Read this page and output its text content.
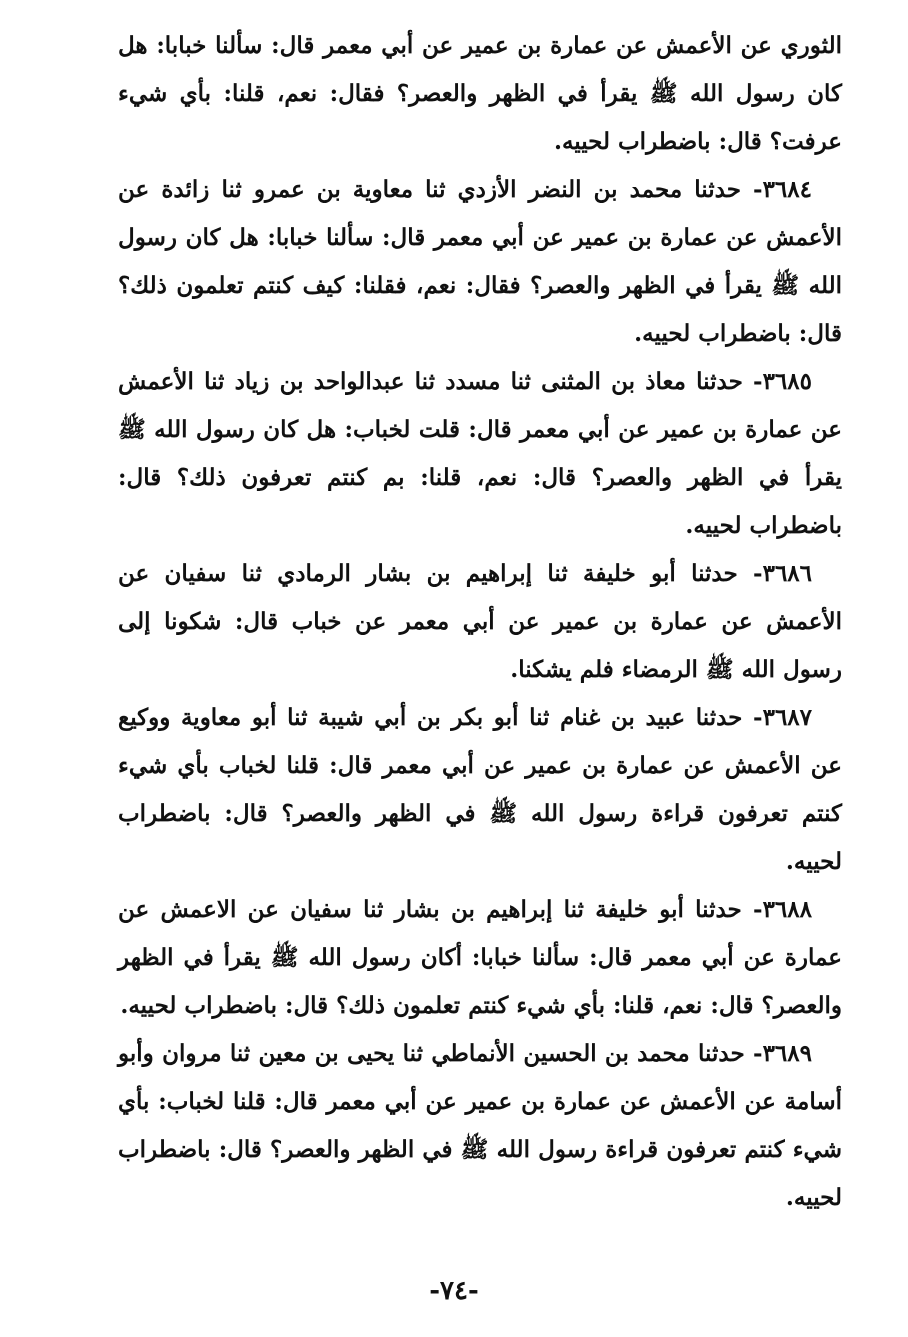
الثوري عن الأعمش عن عمارة بن عمير عن أبي معمر قال: سألنا خبابا: هل كان رسول الله ﷺ يقرأ في الظهر والعصر؟ فقال: نعم، قلنا: بأي شيء عرفت؟ قال: باضطراب لحييه.

٣٦٨٤- حدثنا محمد بن النضر الأزدي ثنا معاوية بن عمرو ثنا زائدة عن الأعمش عن عمارة بن عمير عن أبي معمر قال: سألنا خبابا: هل كان رسول الله ﷺ يقرأ في الظهر والعصر؟ فقال: نعم، فقلنا: كيف كنتم تعلمون ذلك؟ قال: باضطراب لحييه.

٣٦٨٥- حدثنا معاذ بن المثنى ثنا مسدد ثنا عبدالواحد بن زياد ثنا الأعمش عن عمارة بن عمير عن أبي معمر قال: قلت لخباب: هل كان رسول الله ﷺ يقرأ في الظهر والعصر؟ قال: نعم، قلنا: بم كنتم تعرفون ذلك؟ قال: باضطراب لحييه.

٣٦٨٦- حدثنا أبو خليفة ثنا إبراهيم بن بشار الرمادي ثنا سفيان عن الأعمش عن عمارة بن عمير عن أبي معمر عن خباب قال: شكونا إلى رسول الله ﷺ الرمضاء فلم يشكنا.

٣٦٨٧- حدثنا عبيد بن غنام ثنا أبو بكر بن أبي شيبة ثنا أبو معاوية ووكيع عن الأعمش عن عمارة بن عمير عن أبي معمر قال: قلنا لخباب بأي شيء كنتم تعرفون قراءة رسول الله ﷺ في الظهر والعصر؟ قال: باضطراب لحييه.

٣٦٨٨- حدثنا أبو خليفة ثنا إبراهيم بن بشار ثنا سفيان عن الاعمش عن عمارة عن أبي معمر قال: سألنا خبابا: أكان رسول الله ﷺ يقرأ في الظهر والعصر؟ قال: نعم، قلنا: بأي شيء كنتم تعلمون ذلك؟ قال: باضطراب لحييه.

٣٦٨٩- حدثنا محمد بن الحسين الأنماطي ثنا يحيى بن معين ثنا مروان وأبو أسامة عن الأعمش عن عمارة بن عمير عن أبي معمر قال: قلنا لخباب: بأي شيء كنتم تعرفون قراءة رسول الله ﷺ في الظهر والعصر؟ قال: باضطراب لحييه.

-٧٤-
